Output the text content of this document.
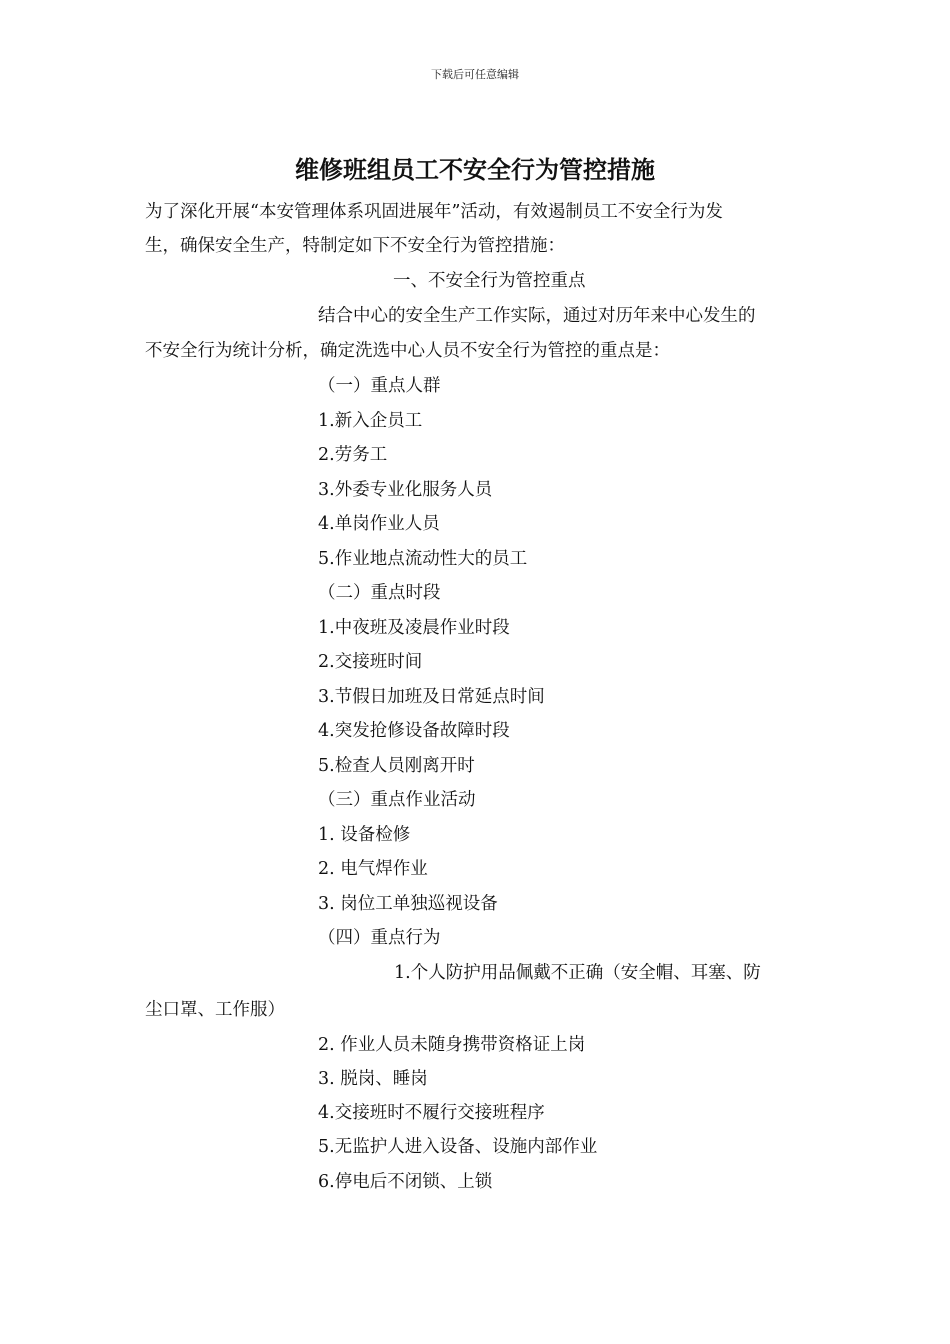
下载后可任意编辑
维修班组员工不安全行为管控措施
为了深化开展“本安管理体系巩固进展年”活动，有效遏制员工不安全行为发
生，确保安全生产，特制定如下不安全行为管控措施：
一、不安全行为管控重点
结合中心的安全生产工作实际，通过对历年来中心发生的
不安全行为统计分析，确定洗选中心人员不安全行为管控的重点是：
（一）重点人群
1.新入企员工
2.劳务工
3.外委专业化服务人员
4.单岗作业人员
5.作业地点流动性大的员工
（二）重点时段
1.中夜班及凌晨作业时段
2.交接班时间
3.节假日加班及日常延点时间
4.突发抢修设备故障时段
5.检查人员刚离开时
（三）重点作业活动
1. 设备检修
2. 电气焊作业
3. 岗位工单独巡视设备
（四）重点行为
1.个人防护用品佩戴不正确（安全帽、耳塞、防
尘口罩、工作服）
2. 作业人员未随身携带资格证上岗
3. 脱岗、睡岗
4.交接班时不履行交接班程序
5.无监护人进入设备、设施内部作业
6.停电后不闭锁、上锁
